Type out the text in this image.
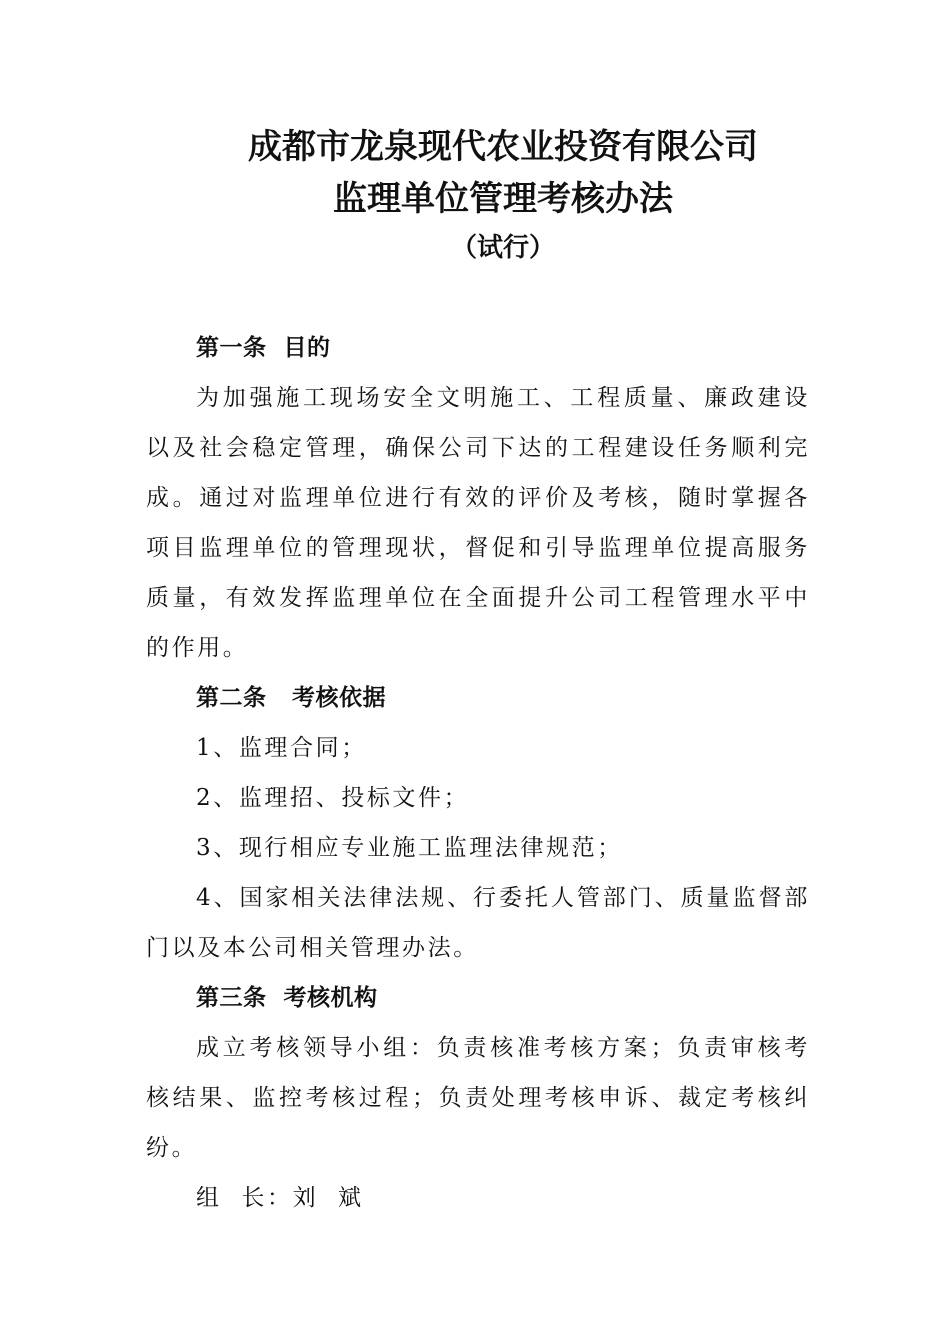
成都市龙泉现代农业投资有限公司
监理单位管理考核办法
（试行）

第一条  目的

为加强施工现场安全文明施工、工程质量、廉政建设以及社会稳定管理，确保公司下达的工程建设任务顺利完成。通过对监理单位进行有效的评价及考核，随时掌握各项目监理单位的管理现状，督促和引导监理单位提高服务质量，有效发挥监理单位在全面提升公司工程管理水平中的作用。

第二条   考核依据

1、监理合同；

2、监理招、投标文件；

3、现行相应专业施工监理法律规范；

4、国家相关法律法规、行委托人管部门、质量监督部门以及本公司相关管理办法。

第三条  考核机构

成立考核领导小组：负责核准考核方案；负责审核考核结果、监控考核过程；负责处理考核申诉、裁定考核纠纷。

组  长：刘  斌
